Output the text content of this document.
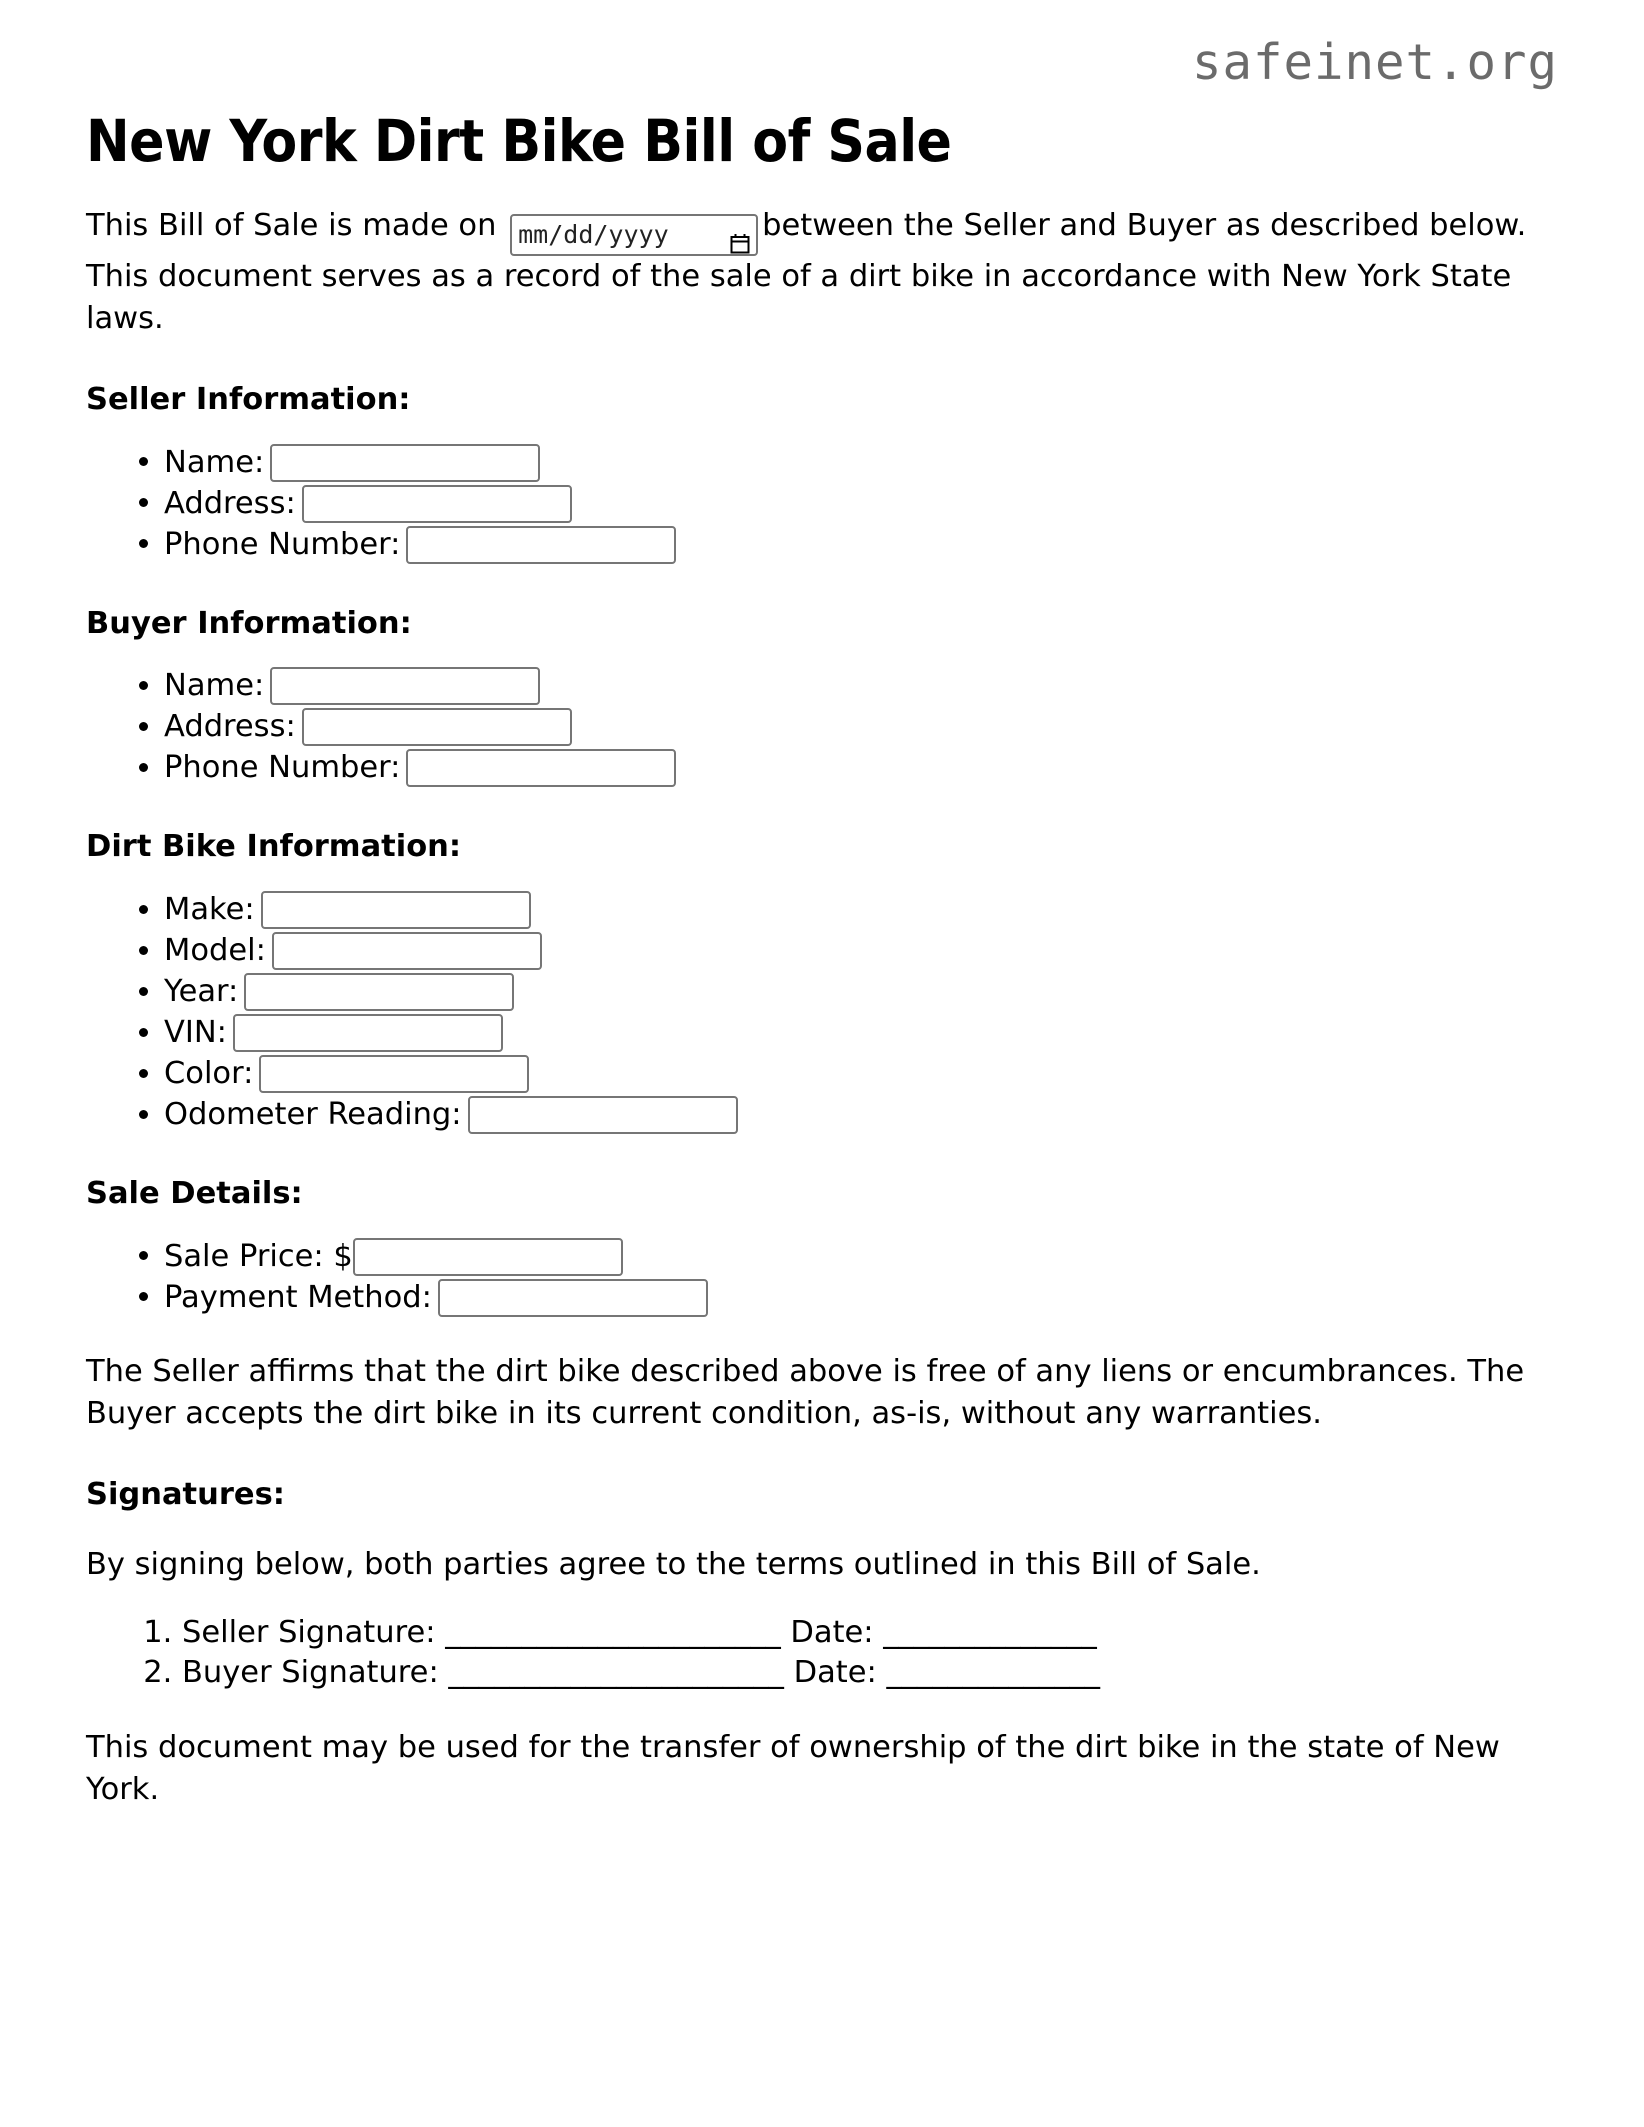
safeinet.org
New York Dirt Bike Bill of Sale

This Bill of Sale is made on mm/dd/yyyy	between the Seller and Buyer as described below. This document serves as a record of the sale of a dirt bike in accordance with New York State laws.

Seller Information:
• Name:
• Address:
• Phone Number:
Buyer Information:
• Name:
• Address:
• Phone Number:
Dirt Bike Information:
• Make:
• Model:
• Year:
• VIN:
• Color:
• Odometer Reading:
Sale Details:
• Sale Price: $
• Payment Method:

The Seller affirms that the dirt bike described above is free of any liens or encumbrances. The Buyer accepts the dirt bike in its current condition, as-is, without any warranties.

Signatures:

By signing below, both parties agree to the terms outlined in this Bill of Sale.

1. Seller Signature: ______________________ Date: ______________
2. Buyer Signature: ______________________ Date: ______________

This document may be used for the transfer of ownership of the dirt bike in the state of New York.
